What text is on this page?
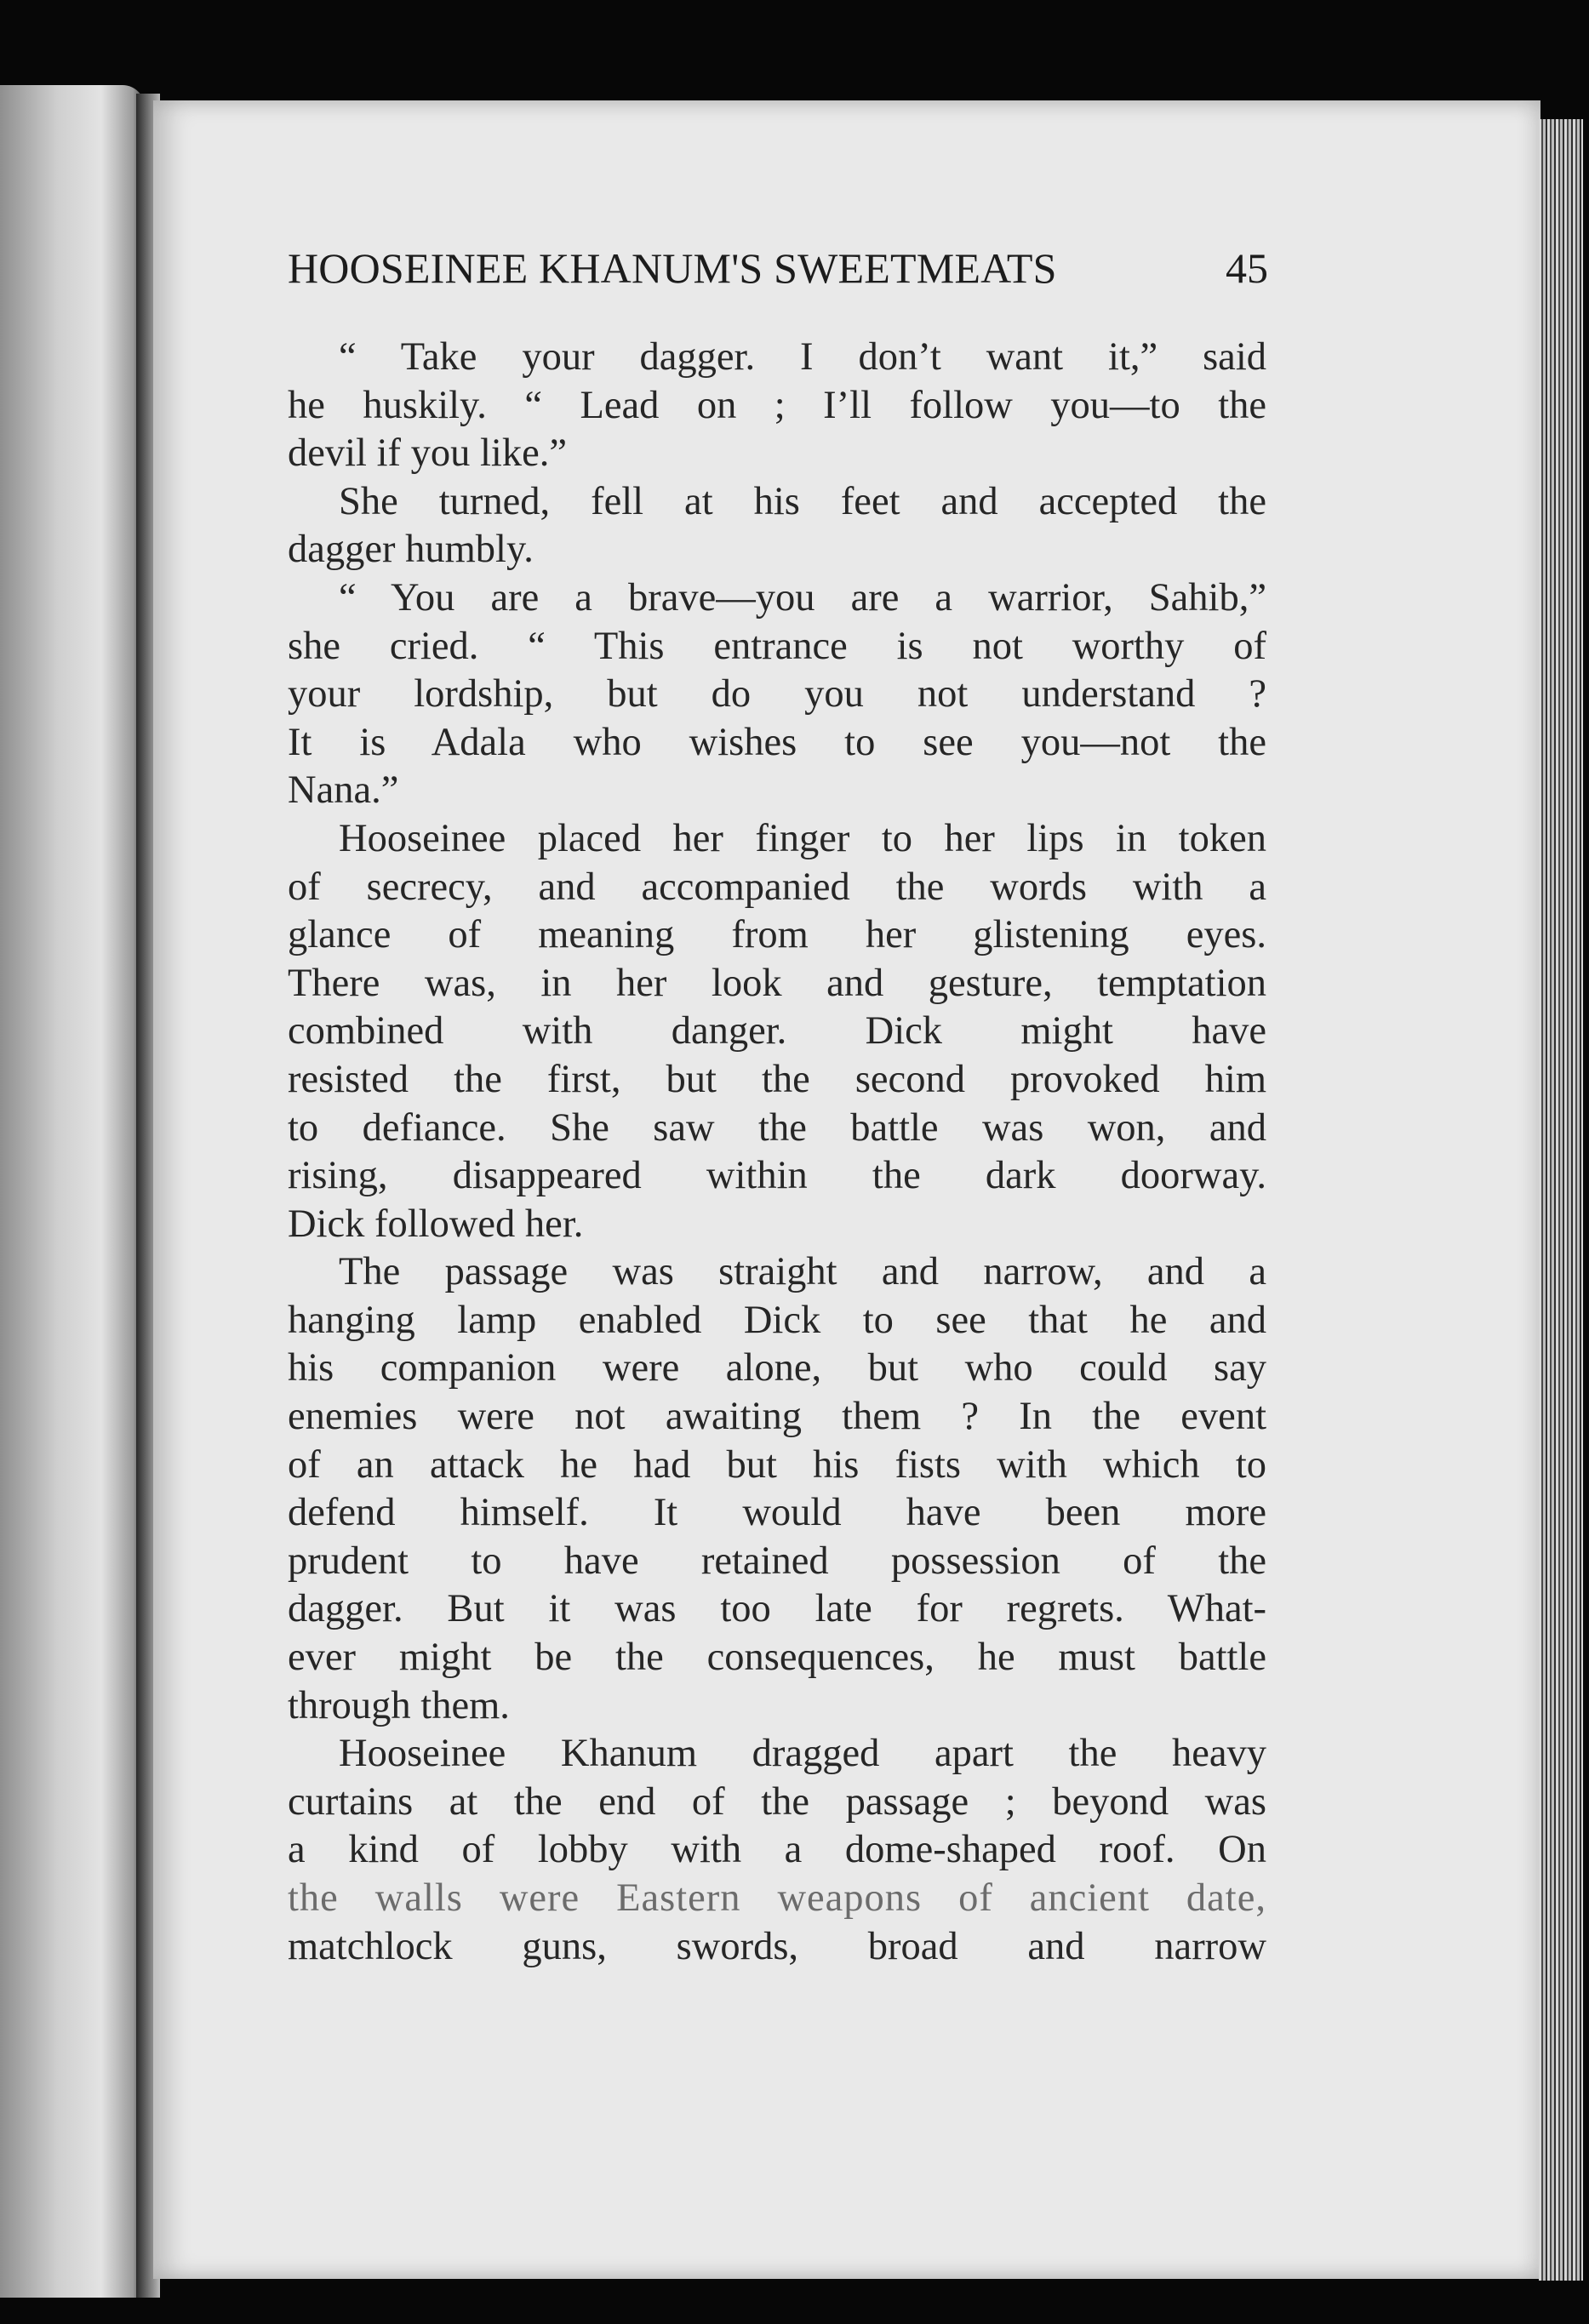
HOOSEINEE KHANUM'S SWEETMEATS	45
“ Take your dagger. I don’t want it,” said
he huskily. “ Lead on ; I’ll follow you—to the
devil if you like.”
She turned, fell at his feet and accepted the
dagger humbly.
“ You are a brave—you are a warrior, Sahib,”
she cried. “ This entrance is not worthy of
your lordship, but do you not understand ?
It is Adala who wishes to see you—not the
Nana.”
Hooseinee placed her finger to her lips in token
of secrecy, and accompanied the words with a
glance of meaning from her glistening eyes.
There was, in her look and gesture, temptation
combined with danger. Dick might have
resisted the first, but the second provoked him
to defiance. She saw the battle was won, and
rising, disappeared within the dark doorway.
Dick followed her.
The passage was straight and narrow, and a
hanging lamp enabled Dick to see that he and
his companion were alone, but who could say
enemies were not awaiting them ? In the event
of an attack he had but his fists with which to
defend himself. It would have been more
prudent to have retained possession of the
dagger. But it was too late for regrets. What-
ever might be the consequences, he must battle
through them.
Hooseinee Khanum dragged apart the heavy
curtains at the end of the passage ; beyond was
a kind of lobby with a dome-shaped roof. On
the walls were Eastern weapons of ancient date,
matchlock guns, swords, broad and narrow
